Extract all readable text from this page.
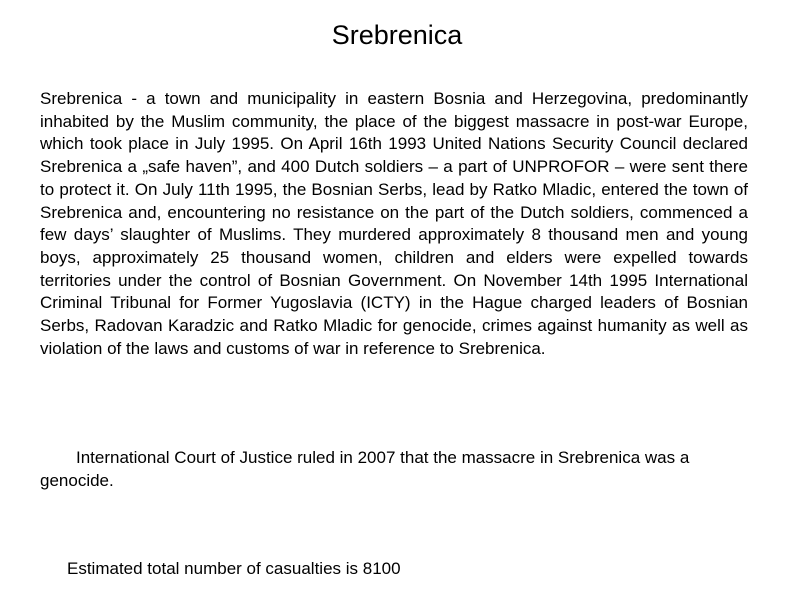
Srebrenica

Srebrenica - a town and municipality in eastern Bosnia and Herzegovina, predominantly inhabited by the Muslim community, the place of the biggest massacre in post-war Europe, which took place in July 1995. On April 16th 1993 United Nations Security Council declared Srebrenica a „safe haven”, and 400 Dutch soldiers – a part of UNPROFOR – were sent there to protect it. On July 11th 1995, the Bosnian Serbs, lead by Ratko Mladic, entered the town of Srebrenica and, encountering no resistance on the part of the Dutch soldiers, commenced a few days’ slaughter of Muslims. They murdered approximately 8 thousand men and young boys, approximately 25 thousand women, children and elders were expelled towards territories under the control of Bosnian Government. On November 14th 1995 International Criminal Tribunal for Former Yugoslavia (ICTY) in the Hague charged leaders of Bosnian Serbs, Radovan Karadzic and Ratko Mladic for genocide, crimes against humanity as well as violation of the laws and customs of war in reference to Srebrenica.

International Court of Justice ruled in 2007 that the massacre in Srebrenica was a genocide.

Estimated total number of casualties is 8100
